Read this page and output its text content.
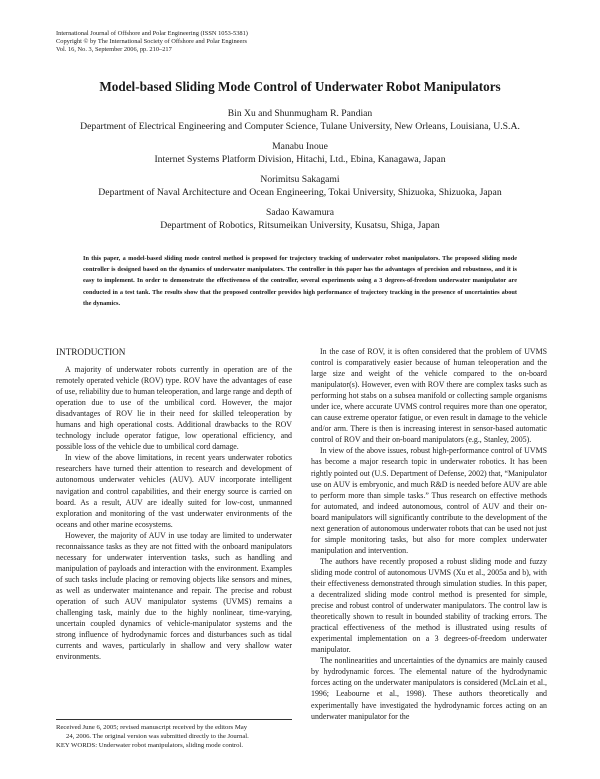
International Journal of Offshore and Polar Engineering (ISSN 1053-5381)
Copyright © by The International Society of Offshore and Polar Engineers
Vol. 16, No. 3, September 2006, pp. 210–217
Model-based Sliding Mode Control of Underwater Robot Manipulators
Bin Xu and Shunmugham R. Pandian
Department of Electrical Engineering and Computer Science, Tulane University, New Orleans, Louisiana, U.S.A.
Manabu Inoue
Internet Systems Platform Division, Hitachi, Ltd., Ebina, Kanagawa, Japan
Norimitsu Sakagami
Department of Naval Architecture and Ocean Engineering, Tokai University, Shizuoka, Shizuoka, Japan
Sadao Kawamura
Department of Robotics, Ritsumeikan University, Kusatsu, Shiga, Japan
In this paper, a model-based sliding mode control method is proposed for trajectory tracking of underwater robot manipulators. The proposed sliding mode controller is designed based on the dynamics of underwater manipulators. The controller in this paper has the advantages of precision and robustness, and it is easy to implement. In order to demonstrate the effectiveness of the controller, several experiments using a 3 degrees-of-freedom underwater manipulator are conducted in a test tank. The results show that the proposed controller provides high performance of trajectory tracking in the presence of uncertainties about the dynamics.
INTRODUCTION

A majority of underwater robots currently in operation are of the remotely operated vehicle (ROV) type. ROV have the advantages of ease of use, reliability due to human teleoperation, and large range and depth of operation due to use of the umbilical cord. However, the major disadvantages of ROV lie in their need for skilled teleoperation by humans and high operational costs. Additional drawbacks to the ROV technology include operator fatigue, low operational efficiency, and possible loss of the vehicle due to umbilical cord damage.

In view of the above limitations, in recent years underwater robotics researchers have turned their attention to research and development of autonomous underwater vehicles (AUV). AUV incorporate intelligent navigation and control capabilities, and their energy source is carried on board. As a result, AUV are ideally suited for low-cost, unmanned exploration and monitoring of the vast underwater environments of the oceans and other marine ecosystems.

However, the majority of AUV in use today are limited to underwater reconnaissance tasks as they are not fitted with the onboard manipulators necessary for underwater intervention tasks, such as handling and manipulation of payloads and interaction with the environment. Examples of such tasks include placing or removing objects like sensors and mines, as well as underwater maintenance and repair. The precise and robust operation of such AUV manipulator systems (UVMS) remains a challenging task, mainly due to the highly nonlinear, time-varying, uncertain coupled dynamics of vehicle-manipulator systems and the strong influence of hydrodynamic forces and disturbances such as tidal currents and waves, particularly in shallow and very shallow water environments.

In the case of ROV, it is often considered that the problem of UVMS control is comparatively easier because of human teleoperation and the large size and weight of the vehicle compared to the on-board manipulator(s). However, even with ROV there are complex tasks such as performing hot stabs on a subsea manifold or collecting sample organisms under ice, where accurate UVMS control requires more than one operator, can cause extreme operator fatigue, or even result in damage to the vehicle and/or arm. There is then is increasing interest in sensor-based automatic control of ROV and their on-board manipulators (e.g., Stanley, 2005).

In view of the above issues, robust high-performance control of UVMS has become a major research topic in underwater robotics. It has been rightly pointed out (U.S. Department of Defense, 2002) that, “Manipulator use on AUV is embryonic, and much R&D is needed before AUV are able to perform more than simple tasks.” Thus research on effective methods for automated, and indeed autonomous, control of AUV and their on-board manipulators will significantly contribute to the development of the next generation of autonomous underwater robots that can be used not just for simple monitoring tasks, but also for more complex underwater manipulation and intervention.

The authors have recently proposed a robust sliding mode and fuzzy sliding mode control of autonomous UVMS (Xu et al., 2005a and b), with their effectiveness demonstrated through simulation studies. In this paper, a decentralized sliding mode control method is presented for simple, precise and robust control of underwater manipulators. The control law is theoretically shown to result in bounded stability of tracking errors. The practical effectiveness of the method is illustrated using results of experimental implementation on a 3 degrees-of-freedom underwater manipulator.

The nonlinearities and uncertainties of the dynamics are mainly caused by hydrodynamic forces. The elemental nature of the hydrodynamic forces acting on the underwater manipulators is considered (McLain et al., 1996; Leabourne et al., 1998). These authors theoretically and experimentally have investigated the hydrodynamic forces acting on an underwater manipulator for the

Received June 6, 2005; revised manuscript received by the editors May
24, 2006. The original version was submitted directly to the Journal.
KEY WORDS: Underwater robot manipulators, sliding mode control.
